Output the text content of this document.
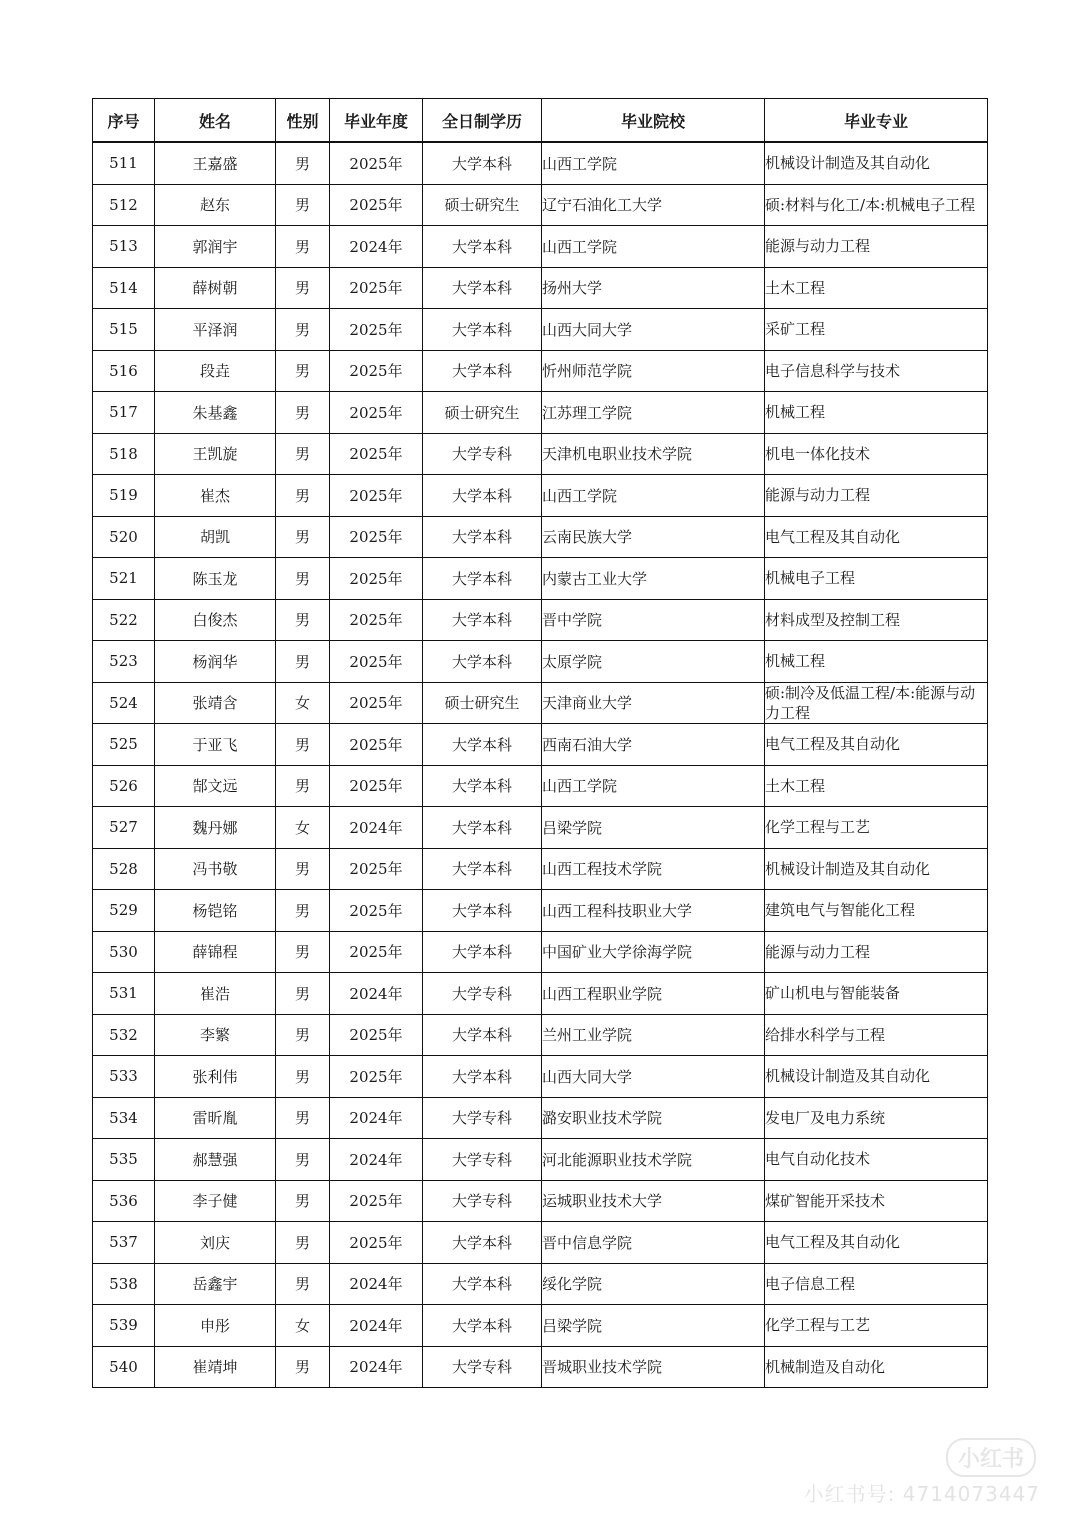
序号	姓名	性别	毕业年度	全日制学历	毕业院校	毕业专业
511	王嘉盛	男	2025年	大学本科	山西工学院	机械设计制造及其自动化
512	赵东	男	2025年	硕士研究生	辽宁石油化工大学	硕:材料与化工/本:机械电子工程
513	郭润宇	男	2024年	大学本科	山西工学院	能源与动力工程
514	薛树朝	男	2025年	大学本科	扬州大学	土木工程
515	平泽润	男	2025年	大学本科	山西大同大学	采矿工程
516	段垚	男	2025年	大学本科	忻州师范学院	电子信息科学与技术
517	朱基鑫	男	2025年	硕士研究生	江苏理工学院	机械工程
518	王凯旋	男	2025年	大学专科	天津机电职业技术学院	机电一体化技术
519	崔杰	男	2025年	大学本科	山西工学院	能源与动力工程
520	胡凯	男	2025年	大学本科	云南民族大学	电气工程及其自动化
521	陈玉龙	男	2025年	大学本科	内蒙古工业大学	机械电子工程
522	白俊杰	男	2025年	大学本科	晋中学院	材料成型及控制工程
523	杨润华	男	2025年	大学本科	太原学院	机械工程
524	张靖含	女	2025年	硕士研究生	天津商业大学	硕:制冷及低温工程/本:能源与动力工程
525	于亚飞	男	2025年	大学本科	西南石油大学	电气工程及其自动化
526	郜文远	男	2025年	大学本科	山西工学院	土木工程
527	魏丹娜	女	2024年	大学本科	吕梁学院	化学工程与工艺
528	冯书敬	男	2025年	大学本科	山西工程技术学院	机械设计制造及其自动化
529	杨铠铭	男	2025年	大学本科	山西工程科技职业大学	建筑电气与智能化工程
530	薛锦程	男	2025年	大学本科	中国矿业大学徐海学院	能源与动力工程
531	崔浩	男	2024年	大学专科	山西工程职业学院	矿山机电与智能装备
532	李繁	男	2025年	大学本科	兰州工业学院	给排水科学与工程
533	张利伟	男	2025年	大学本科	山西大同大学	机械设计制造及其自动化
534	雷昕胤	男	2024年	大学专科	潞安职业技术学院	发电厂及电力系统
535	郝慧强	男	2024年	大学专科	河北能源职业技术学院	电气自动化技术
536	李子健	男	2025年	大学专科	运城职业技术大学	煤矿智能开采技术
537	刘庆	男	2025年	大学本科	晋中信息学院	电气工程及其自动化
538	岳鑫宇	男	2024年	大学本科	绥化学院	电子信息工程
539	申彤	女	2024年	大学本科	吕梁学院	化学工程与工艺
540	崔靖坤	男	2024年	大学专科	晋城职业技术学院	机械制造及自动化
小红书
小红书号: 4714073447
